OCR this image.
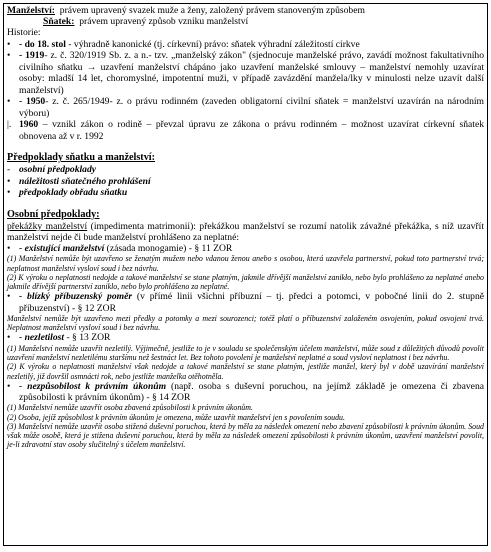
Manželství: právem upravený svazek muže a ženy, založený právem stanoveným způsobem

Sňatek: právem upravený způsob vzniku manželství

Historie:

• - do 18. stol - výhradně kanonické (tj. církevní) právo: sňatek výhradní záležitostí církve
• - 1919- z. č. 320/1919 Sb. z. a n.- tzv. „manželský zákon" (sjednocuje manželské právo, zavádí možnost fakultativního civilního sňatku → uzavření manželství chápáno jako uzavření manželské smlouvy – manželství nemohly uzavírat osoby: mladší 14 let, choromyslné, impotentní muži, v případě zavázdění manžela/lky v minulosti nelze uzavít další manželství)
• - 1950- z. č. 265/1949- z. o právu rodinném (zaveden obligatorní civilní sňatek = manželství uzavírán na národním výboru)
|. 1960 – vznikl zákon o rodině – převzal úpravu ze zákona o právu rodinném – možnost uzavírat církevní sňatek obnovena až v r. 1992

Předpoklady sňatku a manželství:

- osobní předpoklady
• náležitosti sňatečného prohlášení
• předpoklady obřadu sňatku

Osobní předpoklady:

překážky manželství (impedimenta matrimonii): překážkou manželství se rozumí natolik závažné překážka, s níž uzavřít manželství nejde či bude manželství prohlášeno za neplatné:

• - existující manželství (zásada monogamie) - § 11 ZOR

(1) Manželství nemůže být uzavřeno se ženatým mužem nebo vdanou ženou anebo s osobou, která uzavřela partnerství, pokud toto partnerství trvá; neplatnost manželství vysloví soud i bez návrhu.

(2) K výroku o neplatnosti nedojde a takové manželství se stane platným, jakmile dřívější manželství zanikło, nebo bylo prohlášeno za neplatné anebo jakmile dřívější partnerství zaniklo, nebo bylo prohlášeno za neplatné.

• - blízký příbuzenský poměr (v přímé linii všichni příbuzní – tj. předci a potomci, v pobočné linii do 2. stupně příbuzenství) - § 12 ZOR

Manželství nemůže být uzavřeno mezi předky a potomky a mezi sourozenci; totéž platí o příbuzenství založeném osvojením, pokud osvojení trvá. Neplatnost manželství vysloví soud i bez návrhu.

• - nezletilost - § 13 ZOR

(1) Manželství nemůže uzavřít nezletilý. Výjimečně, jestliže to je v souladu se společenským účelem manželství, může soud z důležitých důvodů povolit uzavření manželství nezletilému staršímu než šestnáct let. Bez tohoto povolení je manželství neplatné a soud vysloví neplatnost i bez návrhu.

(2) K výroku o neplatnosti manželství však nedojde a takové manželství se stane platným, jestliže manžel, který byl v době uzavírání manželství nezletilý, již dovršil osmnácti rok, nebo jestliže manželka otěhotněla.

• - nezpůsobilost k právním úkonům (např. osoba s duševní poruchou, na jejímž základě je omezena či zbavena způsobilosti k právním úkonům) - § 14 ZOR

(1) Manželství nemůže uzavřít osoba zbavená způsobilosti k právním úkonům.

(2) Osoba, jejíž způsobilost k právním úkonům je omezena, může uzavřít manželství jen s povolením soudu.

(3) Manželství nemůže uzavřít osoba stižená duševní poruchou, která by měla za následek omezení nebo zbavení způsobilosti k právním úkonům. Soud však může osobě, která je stižena duševní poruchou, která by měla za následek omezení způsobilosti k právním úkonům, uzavření manželství povolit, je-li zdravotní stav osoby slučitelný s účelem manželství.
